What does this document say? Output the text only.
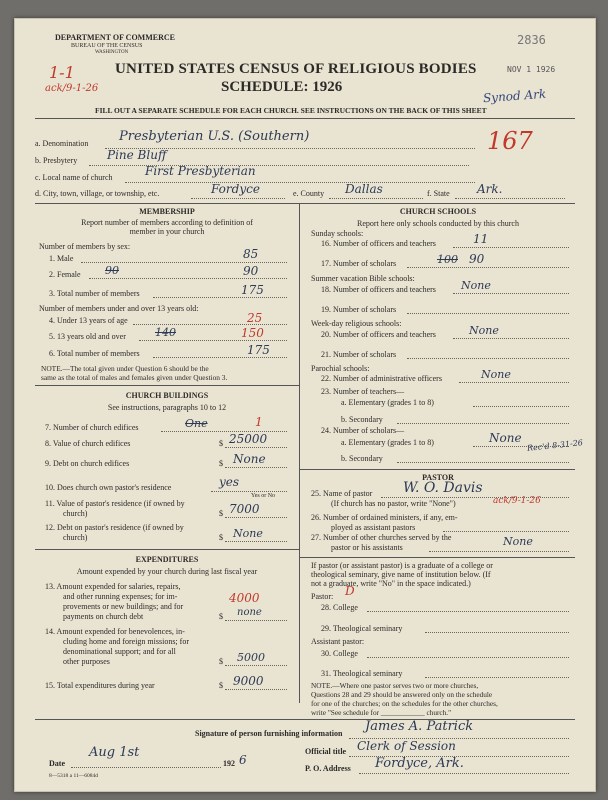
DEPARTMENT OF COMMERCE
BUREAU OF THE CENSUS
WASHINGTON
1-1
ack/9-1-26
UNITED STATES CENSUS OF RELIGIOUS BODIES
SCHEDULE: 1926
2836
NOV 1 1926
Synod Ark
FILL OUT A SEPARATE SCHEDULE FOR EACH CHURCH. SEE INSTRUCTIONS ON THE BACK OF THIS SHEET
a. Denomination Presbyterian U.S. (Southern)	167
b. Presbytery Pine Bluff
c. Local name of church	First Presbyterian
d. City, town, village, or township, etc.	Fordyce	e. County Dallas	f. State Ark.
MEMBERSHIP
Report number of members according to definition of
member in your church
Number of members by sex:
1. Male	85
2. Female 90	90
3. Total number of members	175
Number of members under and over 13 years old:
4. Under 13 years of age	25
5. 13 years old and over	140	150
6. Total number of members	175
NOTE.—The total given under Question 6 should be the
same as the total of males and females given under Question 3.
CHURCH BUILDINGS
See instructions, paragraphs 10 to 12
7. Number of church edifices	One	1
8. Value of church edifices	$ 25000
9. Debt on church edifices	$ None
10. Does church own pastor's residence	yes
Yes or No
11. Value of pastor's residence (if owned by
church)	$ 7000
12. Debt on pastor's residence (if owned by
church)	$ None
EXPENDITURES
Amount expended by your church during last fiscal year
13. Amount expended for salaries, repairs,
and other running expenses; for im-
provements or new buildings; and for
payments on church debt
4000
$ none
14. Amount expended for benevolences, in-
cluding home and foreign missions; for
denominational support; and for all
other purposes	$ 5000
15. Total expenditures during year	$ 9000
CHURCH SCHOOLS
Report here only schools conducted by this church
Sunday schools:
16. Number of officers and teachers	11
17. Number of scholars	100 90
Summer vacation Bible schools:
18. Number of officers and teachers None
19. Number of scholars
Week-day religious schools:
20. Number of officers and teachers	None
21. Number of scholars
Parochial schools:
22. Number of administrative officers	None
23. Number of teachers—
a. Elementary (grades 1 to 8)
b. Secondary
24. Number of scholars—
a. Elementary (grades 1 to 8)	None
b. Secondary
PASTOR
Rec'd 8-31-26
25. Name of pastor W. O. Davis
(If church has no pastor, write "None")	ack/9-1-26
26. Number of ordained ministers, if any, em-
ployed as assistant pastors
27. Number of other churches served by the
pastor or his assistants	None
If pastor (or assistant pastor) is a graduate of a college or
theological seminary, give name of institution below. (If
not a graduate, write "No" in the space indicated.)
Pastor: D
28. College
29. Theological seminary
Assistant pastor:
30. College
31. Theological seminary
NOTE.—Where one pastor serves two or more churches,
Questions 28 and 29 should be answered only on the schedule
for one of the churches; on the schedules for the other churches,
write "See schedule for ____________ church."
Signature of person furnishing information James A. Patrick
Official title Clerk of Session
Date
Aug 1st
192 6
P. O. Address Fordyce, Ark.
8—5318 a 11—6084d
